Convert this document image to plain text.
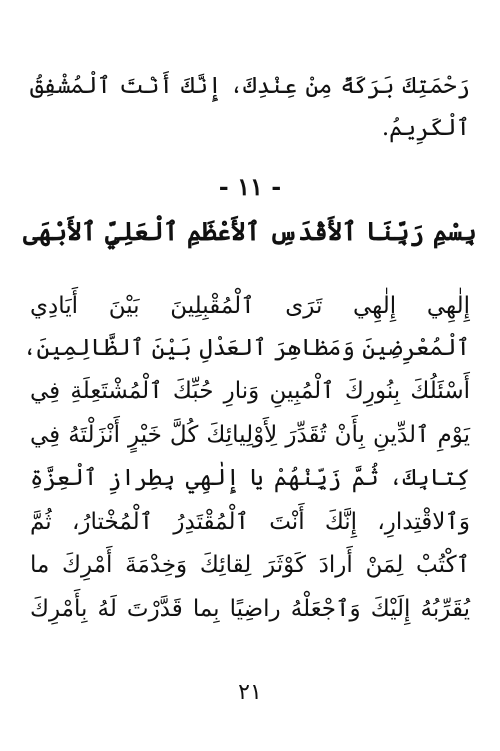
رَحْمَتِكَ بَرَكَةً مِنْ عِنْدِكَ، إِنَّكَ أَنْتَ ٱلْمُشْفِقُ
ٱلْكَرِيمُ.
- ١١ -
بِسْمِ رَبِّنَا ٱلأَقْدَسِ ٱلأَعْظَمِ ٱلْعَلِيِّ ٱلأَبْهَى
إِلٰهِي إِلٰهِي تَرَى ٱلْمُقْبِلِينَ بَيْنَ أَيَادِي
ٱلْمُعْرِضِينَ وَمَظاهِرَ ٱلعَدْلِ بَيْنَ ٱلظَّالِمِينَ،
أَسْئَلُكَ بِنُورِكَ ٱلْمُبِينِ وَنارِ حُبِّكَ ٱلْمُشْتَعِلَةِ فِي
يَوْمِ ٱلدِّينِ بِأَنْ تُقَدِّرَ لِأَوْلِيائِكَ كُلَّ خَيْرٍ أَنْزَلْتَهُ فِي
كِتابِكَ، ثُمَّ زَيِّنْهُمْ يا إِلٰهِي بِطِرازِ ٱلْعِزَّةِ
وَٱلاقْتِدارِ، إِنَّكَ أَنْتَ ٱلْمُقْتَدِرُ ٱلْمُخْتارُ، ثُمَّ
ٱكْتُبْ لِمَنْ أَرادَ كَوْثَرَ لِقائِكَ وَخِدْمَةَ أَمْرِكَ ما
يُقَرِّبُهُ إِلَيْكَ وَٱجْعَلْهُ راضِيًا بِما قَدَّرْتَ لَهُ بِأَمْرِكَ
٢١
